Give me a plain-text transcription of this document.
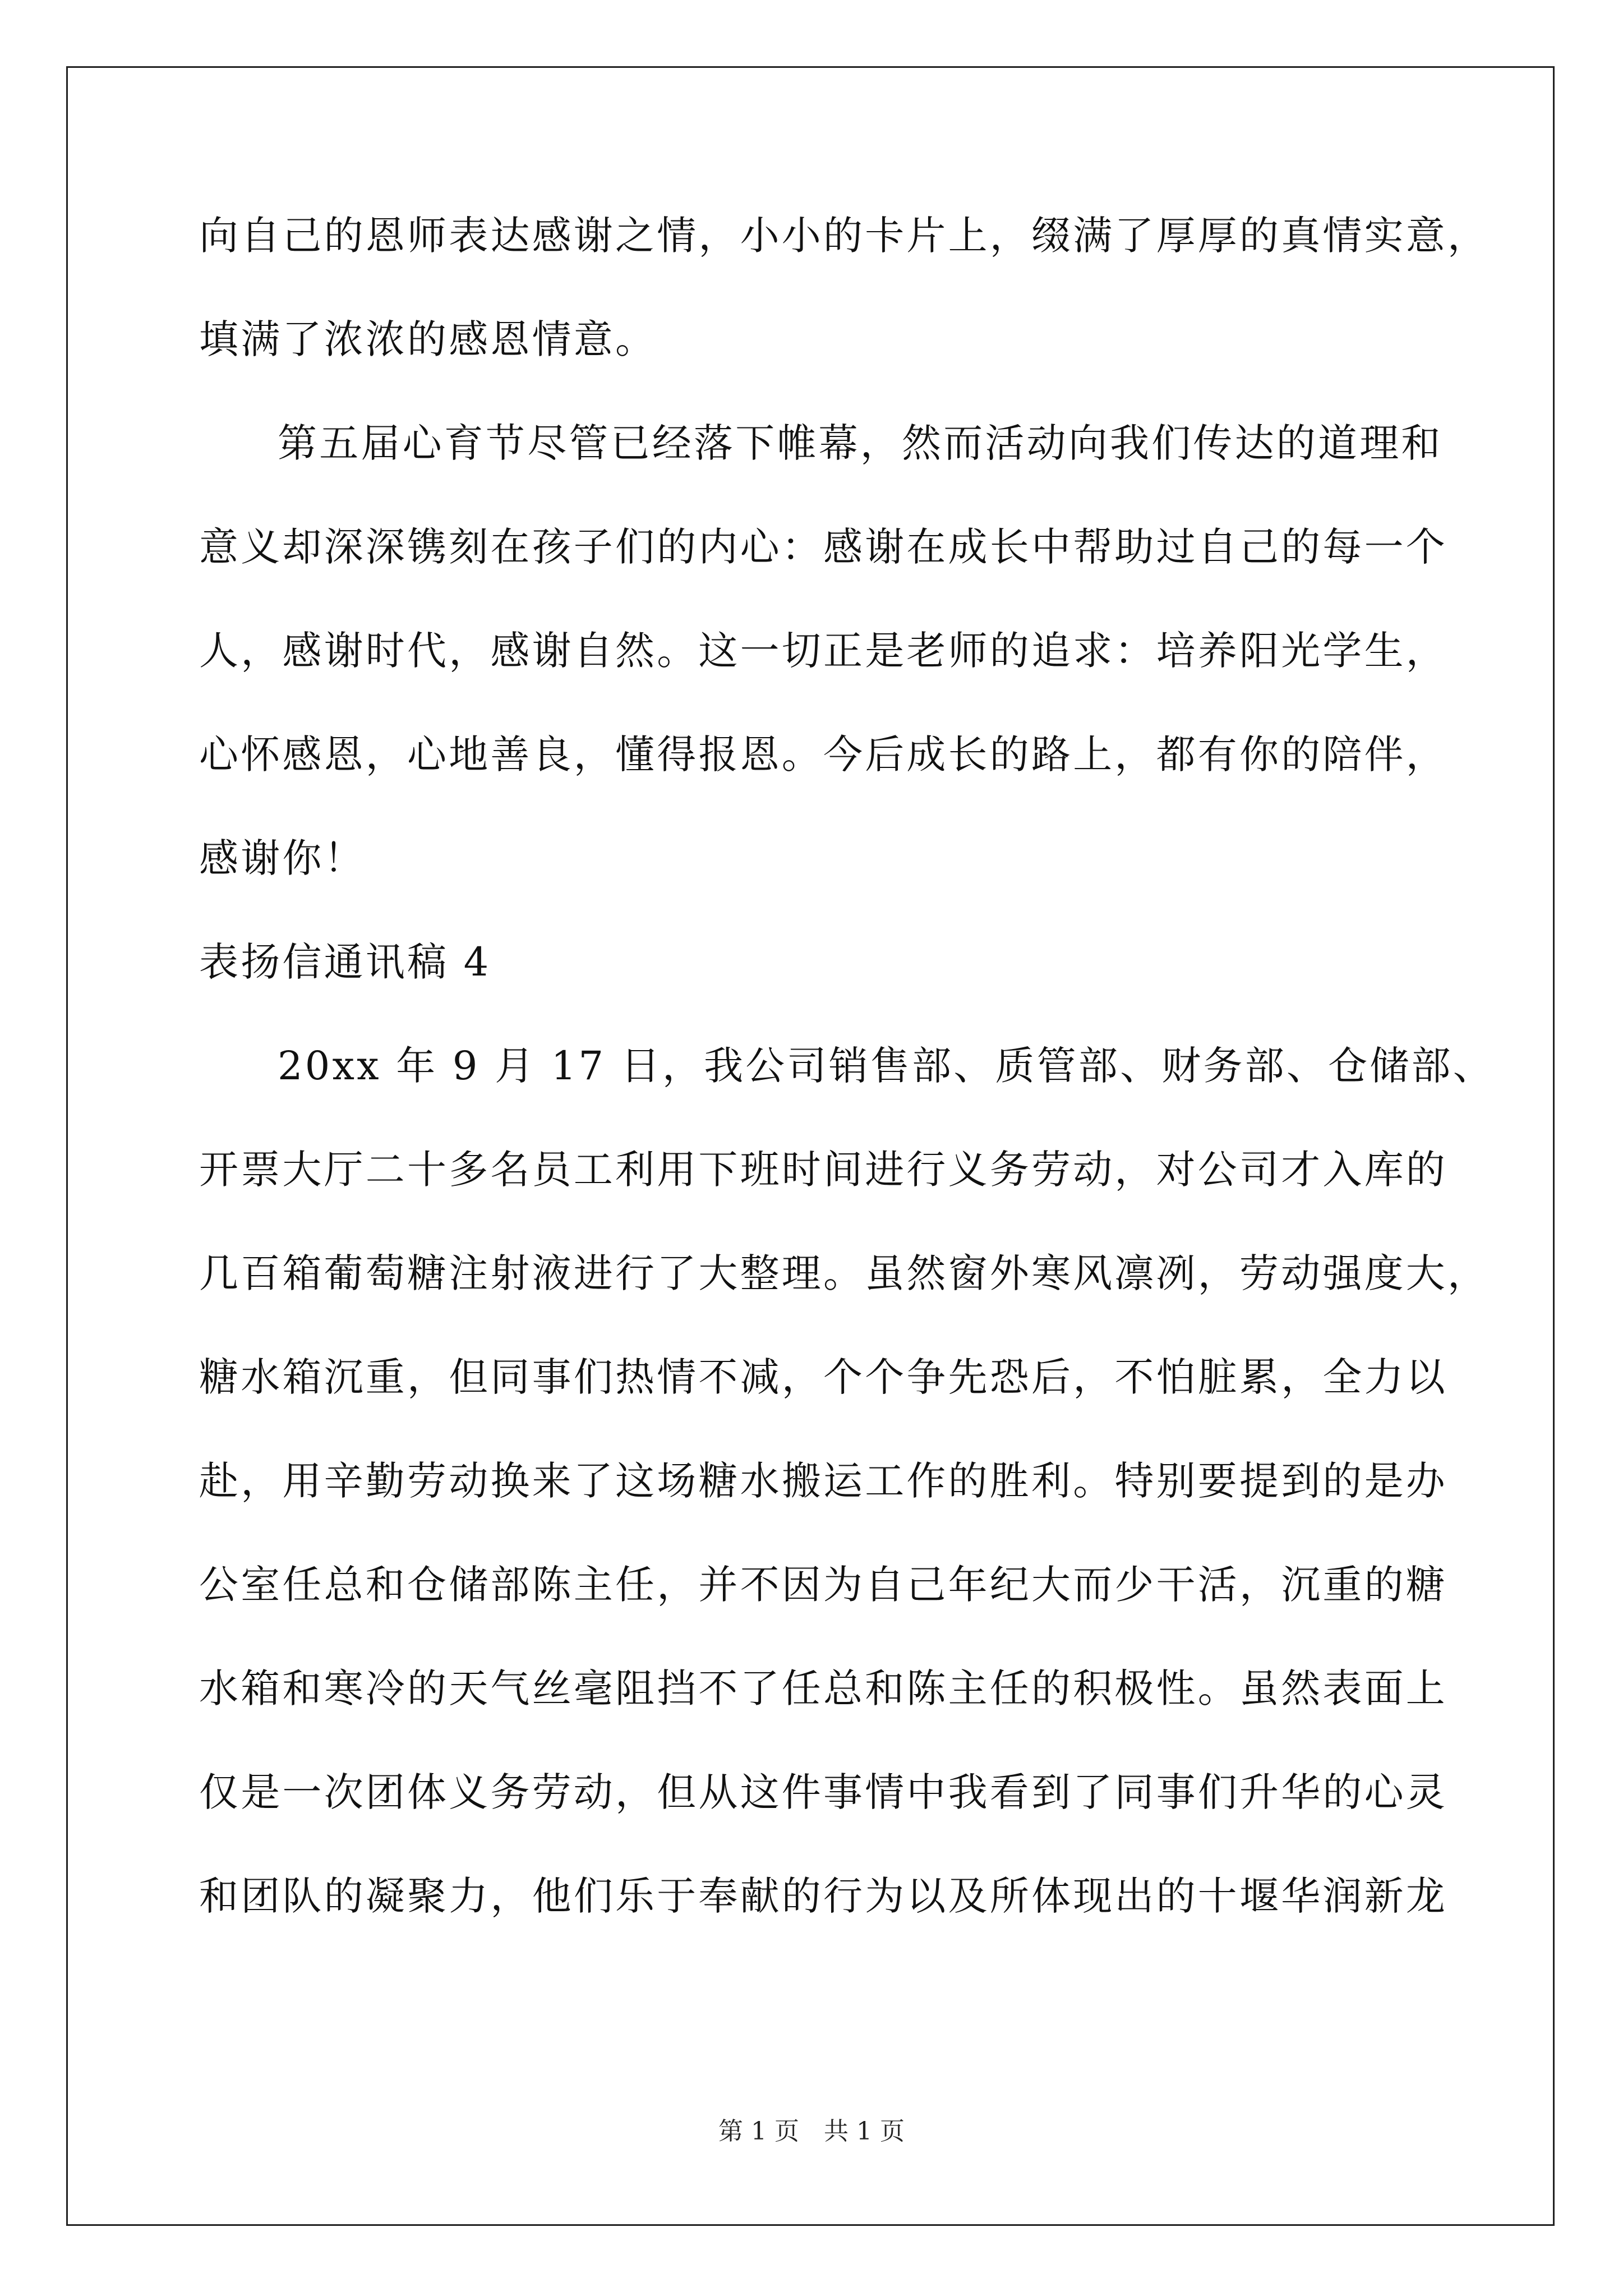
向自己的恩师表达感谢之情，小小的卡片上，缀满了厚厚的真情实意，
填满了浓浓的感恩情意。
第五届心育节尽管已经落下帷幕，然而活动向我们传达的道理和
意义却深深镌刻在孩子们的内心：感谢在成长中帮助过自己的每一个
人，感谢时代，感谢自然。这一切正是老师的追求：培养阳光学生，
心怀感恩，心地善良，懂得报恩。今后成长的路上，都有你的陪伴，
感谢你！
表扬信通讯稿 4
20xx 年 9 月 17 日，我公司销售部、质管部、财务部、仓储部、
开票大厅二十多名员工利用下班时间进行义务劳动，对公司才入库的
几百箱葡萄糖注射液进行了大整理。虽然窗外寒风凛冽，劳动强度大，
糖水箱沉重，但同事们热情不减，个个争先恐后，不怕脏累，全力以
赴，用辛勤劳动换来了这场糖水搬运工作的胜利。特别要提到的是办
公室任总和仓储部陈主任，并不因为自己年纪大而少干活，沉重的糖
水箱和寒冷的天气丝毫阻挡不了任总和陈主任的积极性。虽然表面上
仅是一次团体义务劳动，但从这件事情中我看到了同事们升华的心灵
和团队的凝聚力，他们乐于奉献的行为以及所体现出的十堰华润新龙
第 1 页　共 1 页
